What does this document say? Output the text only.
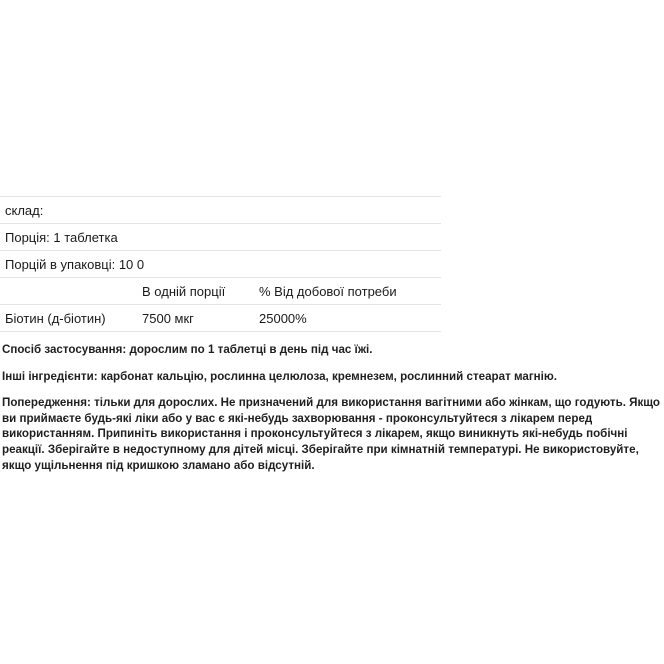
склад:		
Порція: 1 таблетка		
Порцій в упаковці: 10 0		
	В одній порції	% Від добової потреби
Біотин (д-біотин)	7500 мкг	25000%

Спосіб застосування: дорослим по 1 таблетці в день під час їжі.

Інші інгредієнти: карбонат кальцію, рослинна целюлоза, кремнезем, рослинний стеарат магнію.

Попередження: тільки для дорослих. Не призначений для використання вагітними або жінкам, що годують. Якщо ви приймаєте будь-які ліки або у вас є які-небудь захворювання - проконсультуйтеся з лікарем перед використанням. Припиніть використання і проконсультуйтеся з лікарем, якщо виникнуть які-небудь побічні реакції. Зберігайте в недоступному для дітей місці. Зберігайте при кімнатній температурі. Не використовуйте, якщо ущільнення під кришкою зламано або відсутній.
